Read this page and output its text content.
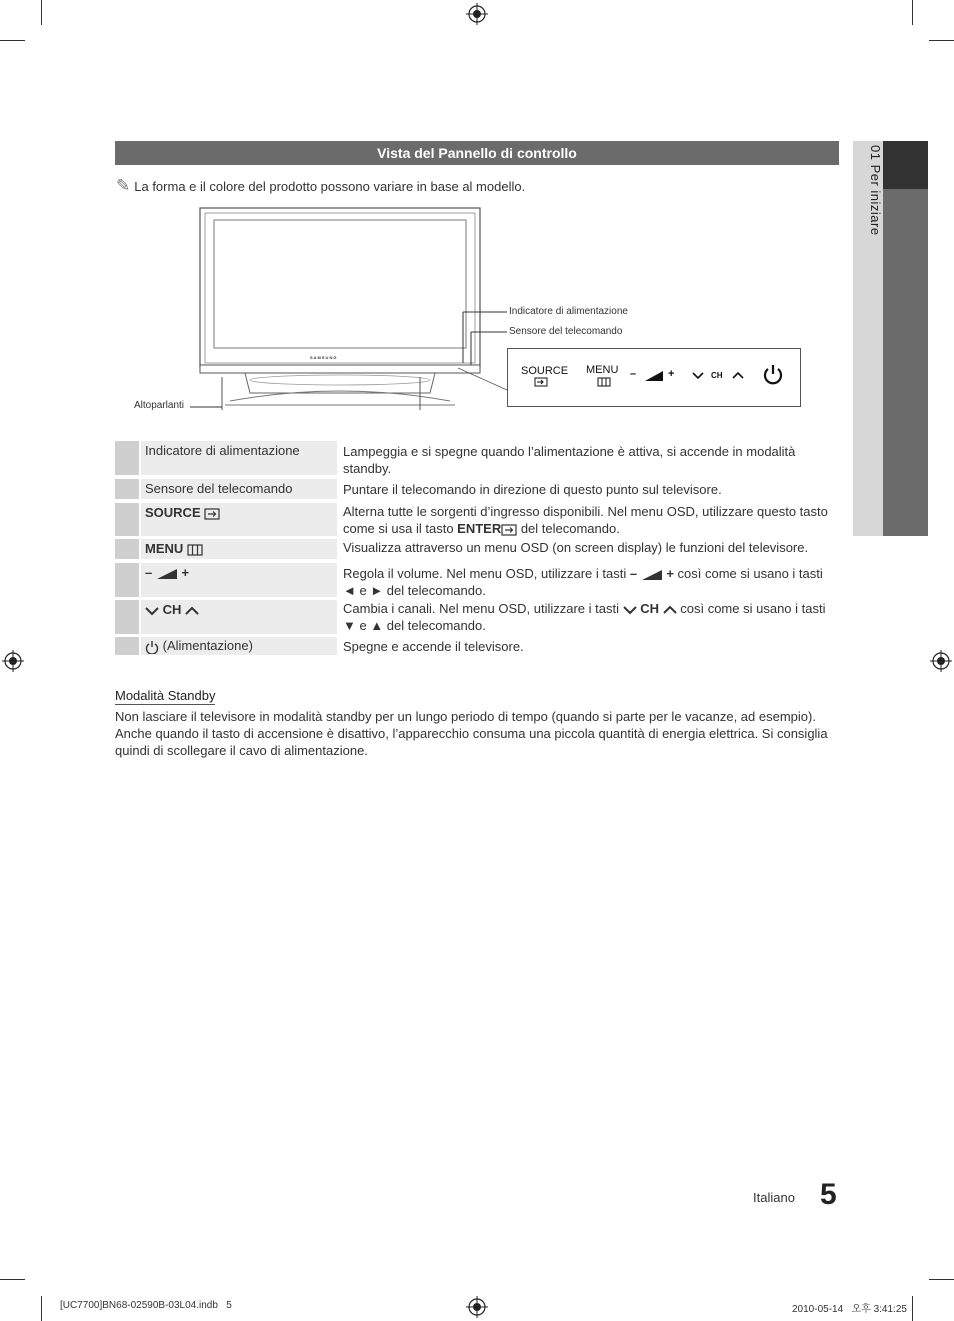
01 Per iniziare
Vista del Pannello di controllo
✎ La forma e il colore del prodotto possono variare in base al modello.
SAMSUNG
Indicatore di alimentazione
Sensore del telecomando
Altoparlanti
SOURCE MENU –	+	CH
Indicatore di alimentazione	Lampeggia e si spegne quando l’alimentazione è attiva, si accende in modalità standby.
Sensore del telecomando	Puntare il telecomando in direzione di questo punto sul televisore.
SOURCE	Alterna tutte le sorgenti d’ingresso disponibili. Nel menu OSD, utilizzare questo tasto come si usa il tasto ENTER del telecomando.
MENU	Visualizza attraverso un menu OSD (on screen display) le funzioni del televisore.
– +	Regola il volume. Nel menu OSD, utilizzare i tasti – + così come si usano i tasti ◄ e ► del telecomando.
CH	Cambia i canali. Nel menu OSD, utilizzare i tasti  CH  così come si usano i tasti ▼ e ▲ del telecomando.
(Alimentazione)	Spegne e accende il televisore.
Modalità Standby
Non lasciare il televisore in modalità standby per un lungo periodo di tempo (quando si parte per le vacanze, ad esempio). Anche quando il tasto di accensione è disattivo, l’apparecchio consuma una piccola quantità di energia elettrica. Si consiglia quindi di scollegare il cavo di alimentazione.
Italiano 5
[UC7700]BN68-02590B-03L04.indb   5	2010-05-14   오후 3:41:25
